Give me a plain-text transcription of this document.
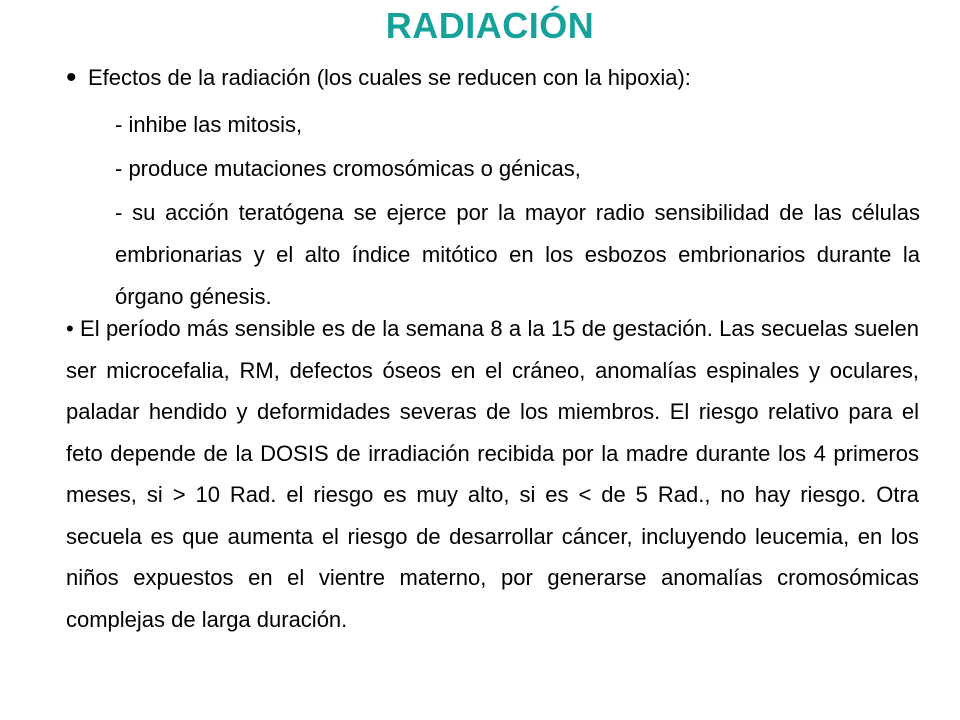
RADIACIÓN
• Efectos de la radiación (los cuales se reducen con la hipoxia):
- inhibe las mitosis,
- produce mutaciones cromosómicas o génicas,
- su acción teratógena se ejerce por la mayor radio sensibilidad de las células embrionarias y el alto índice mitótico en los esbozos embrionarios durante la órgano génesis.
• El período más sensible es de la semana 8 a la 15 de gestación. Las secuelas suelen ser microcefalia, RM, defectos óseos en el cráneo, anomalías espinales y oculares, paladar hendido y deformidades severas de los miembros. El riesgo relativo para el feto depende de la DOSIS de irradiación recibida por la madre durante los 4 primeros meses, si > 10 Rad. el riesgo es muy alto, si es < de 5 Rad., no hay riesgo. Otra secuela es que aumenta el riesgo de desarrollar cáncer, incluyendo leucemia, en los niños expuestos en el vientre materno, por generarse anomalías cromosómicas complejas de larga duración.
